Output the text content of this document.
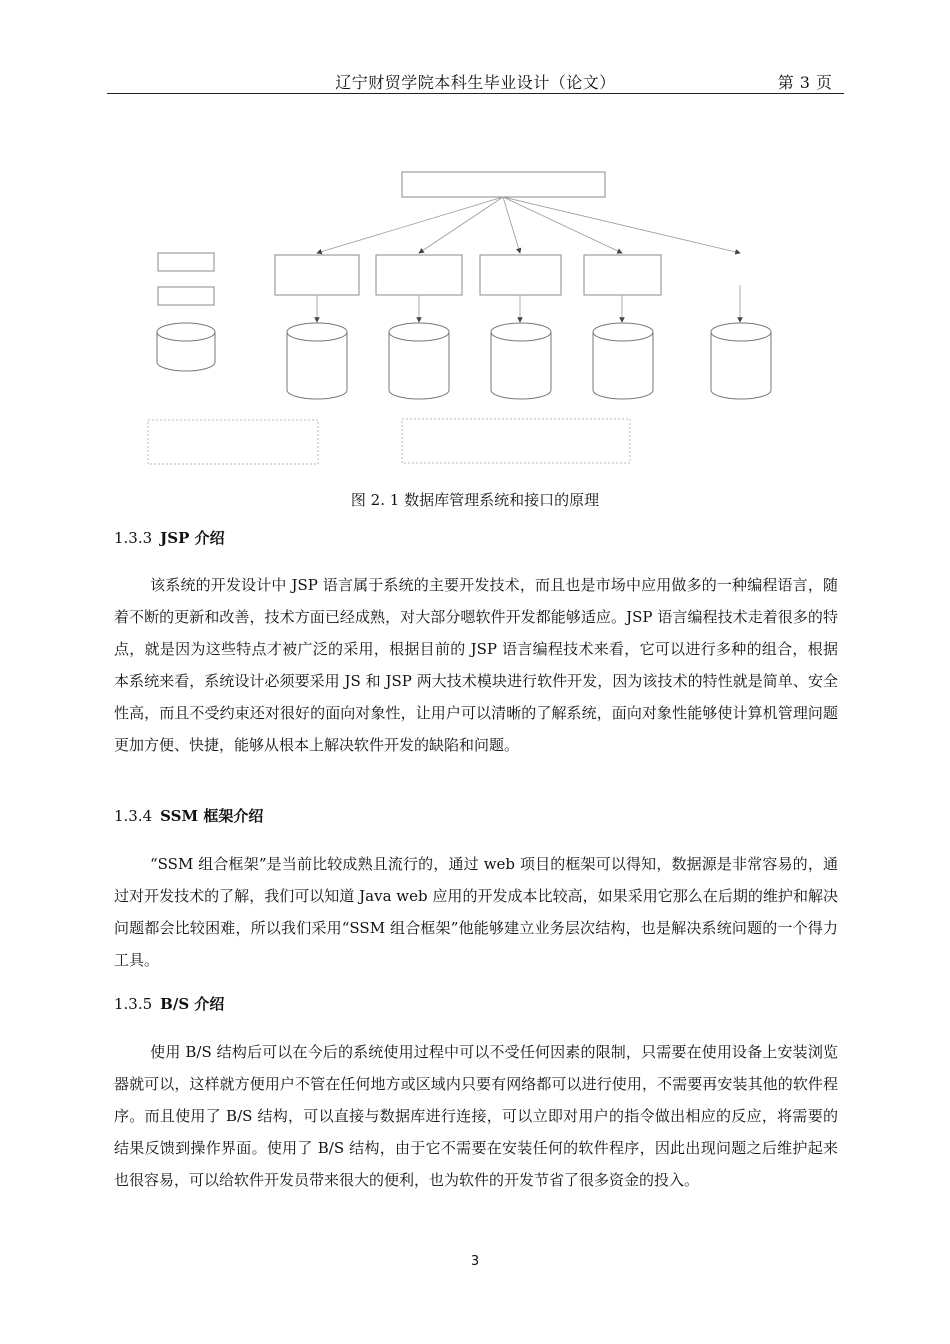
辽宁财贸学院本科生毕业设计（论文）	第 3 页
图 2. 1 数据库管理系统和接口的原理
1.3.3 JSP 介绍
该系统的开发设计中 JSP 语言属于系统的主要开发技术，而且也是市场中应用做多的一种编程语言，随着不断的更新和改善，技术方面已经成熟，对大部分嗯软件开发都能够适应。JSP 语言编程技术走着很多的特点，就是因为这些特点才被广泛的采用，根据目前的 JSP 语言编程技术来看，它可以进行多种的组合，根据本系统来看，系统设计必须要采用 JS 和 JSP 两大技术模块进行软件开发，因为该技术的特性就是简单、安全性高，而且不受约束还对很好的面向对象性，让用户可以清晰的了解系统，面向对象性能够使计算机管理问题更加方便、快捷，能够从根本上解决软件开发的缺陷和问题。
1.3.4 SSM 框架介绍
“SSM 组合框架”是当前比较成熟且流行的，通过 web 项目的框架可以得知，数据源是非常容易的，通过对开发技术的了解，我们可以知道 Java web 应用的开发成本比较高，如果采用它那么在后期的维护和解决问题都会比较困难，所以我们采用“SSM 组合框架”他能够建立业务层次结构，也是解决系统问题的一个得力工具。
1.3.5 B/S 介绍
使用 B/S 结构后可以在今后的系统使用过程中可以不受任何因素的限制，只需要在使用设备上安装浏览器就可以，这样就方便用户不管在任何地方或区域内只要有网络都可以进行使用，不需要再安装其他的软件程序。而且使用了 B/S 结构，可以直接与数据库进行连接，可以立即对用户的指令做出相应的反应，将需要的结果反馈到操作界面。使用了 B/S 结构，由于它不需要在安装任何的软件程序，因此出现问题之后维护起来也很容易，可以给软件开发员带来很大的便利，也为软件的开发节省了很多资金的投入。
3
